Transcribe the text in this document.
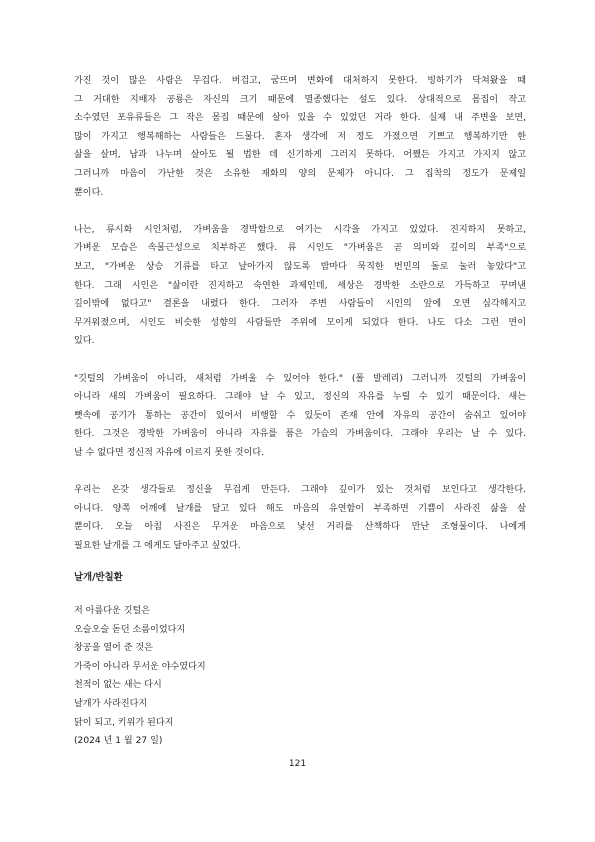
가진 것이 많은 사람은 무겁다. 버겁고, 굼뜨며 변화에 대처하지 못한다. 빙하기가 닥쳐왔을 때
그 거대한 지배자 공룡은 자신의 크기 때문에 멸종했다는 설도 있다. 상대적으로 몸집이 작고
소수였던 포유류들은 그 작은 몸집 때문에 살아 있을 수 있었던 거라 한다. 실제 내 주변을 보면,
많이 가지고 행복해하는 사람들은 드물다. 혼자 생각에 저 정도 가졌으면 기쁘고 행복하기만 한
삶을 살며, 남과 나누며 살아도 될 법한 데 신기하게 그러지 못하다. 어쨌든 가지고 가지지 않고
그러니까 마음이 가난한 것은 소유한 재화의 양의 문제가 아니다. 그 집착의 정도가 문제일
뿐이다.

나는, 류시화 시인처럼, 가벼움을 경박함으로 여기는 시각을 가지고 있었다. 진지하지 못하고,
가벼운 모습은 속물근성으로 치부하곤 했다. 류 시인도 "가벼움은 곧 의미와 깊이의 부족"으로
보고, "가벼운 상승 기류를 타고 날아가지 않도록 밤마다 묵직한 번민의 돌로 눌러 놓았다"고
한다. 그래 시인은 "삶이란 진지하고 숙연한 과제인데, 세상은 경박한 소란으로 가득하고 꾸며낸
깊이밖에 없다고" 결론을 내렸다 한다. 그러자 주변 사람들이 시인의 앞에 오면 심각해지고
무거워졌으며, 시인도 비슷한 성향의 사람들만 주위에 모이게 되었다 한다. 나도 다소 그런 면이
있다.

"깃털의 가벼움이 아니라, 새처럼 가벼울 수 있어야 한다." (폴 발레리) 그러니까 깃털의 가벼움이
아니라 새의 가벼움이 필요하다. 그래야 날 수 있고, 정신의 자유를 누릴 수 있기 때문이다. 새는
뼛속에 공기가 통하는 공간이 있어서 비행할 수 있듯이 존재 안에 자유의 공간이 숨쉬고 있어야
한다. 그것은 경박한 가벼움이 아니라 자유를 품은 가슴의 가벼움이다. 그래야 우리는 날 수 있다.
날 수 없다면 정신적 자유에 이르지 못한 것이다.

우리는 온갖 생각들로 정신을 무겁게 만든다. 그래야 깊이가 있는 것처럼 보인다고 생각한다.
아니다. 양쪽 어깨에 날개를 달고 있다 해도 마음의 유연함이 부족하면 기쁨이 사라진 삶을 살
뿐이다. 오늘 아침 사진은 무거운 마음으로 낯선 거리를 산책하다 만난 조형물이다. 나에게
필요한 날개를 그 에게도 달아주고 싶었다.

날개/반칠환
저 아름다운 깃털은
오슬오슬 돋던 소름이었다지
창공을 열어 준 것은
가죽이 아니라 무서운 야수였다지
천적이 없는 새는 다시
날개가 사라진다지
닭이 되고, 키위가 된다지
(2024 년 1 월 27 일)
121
